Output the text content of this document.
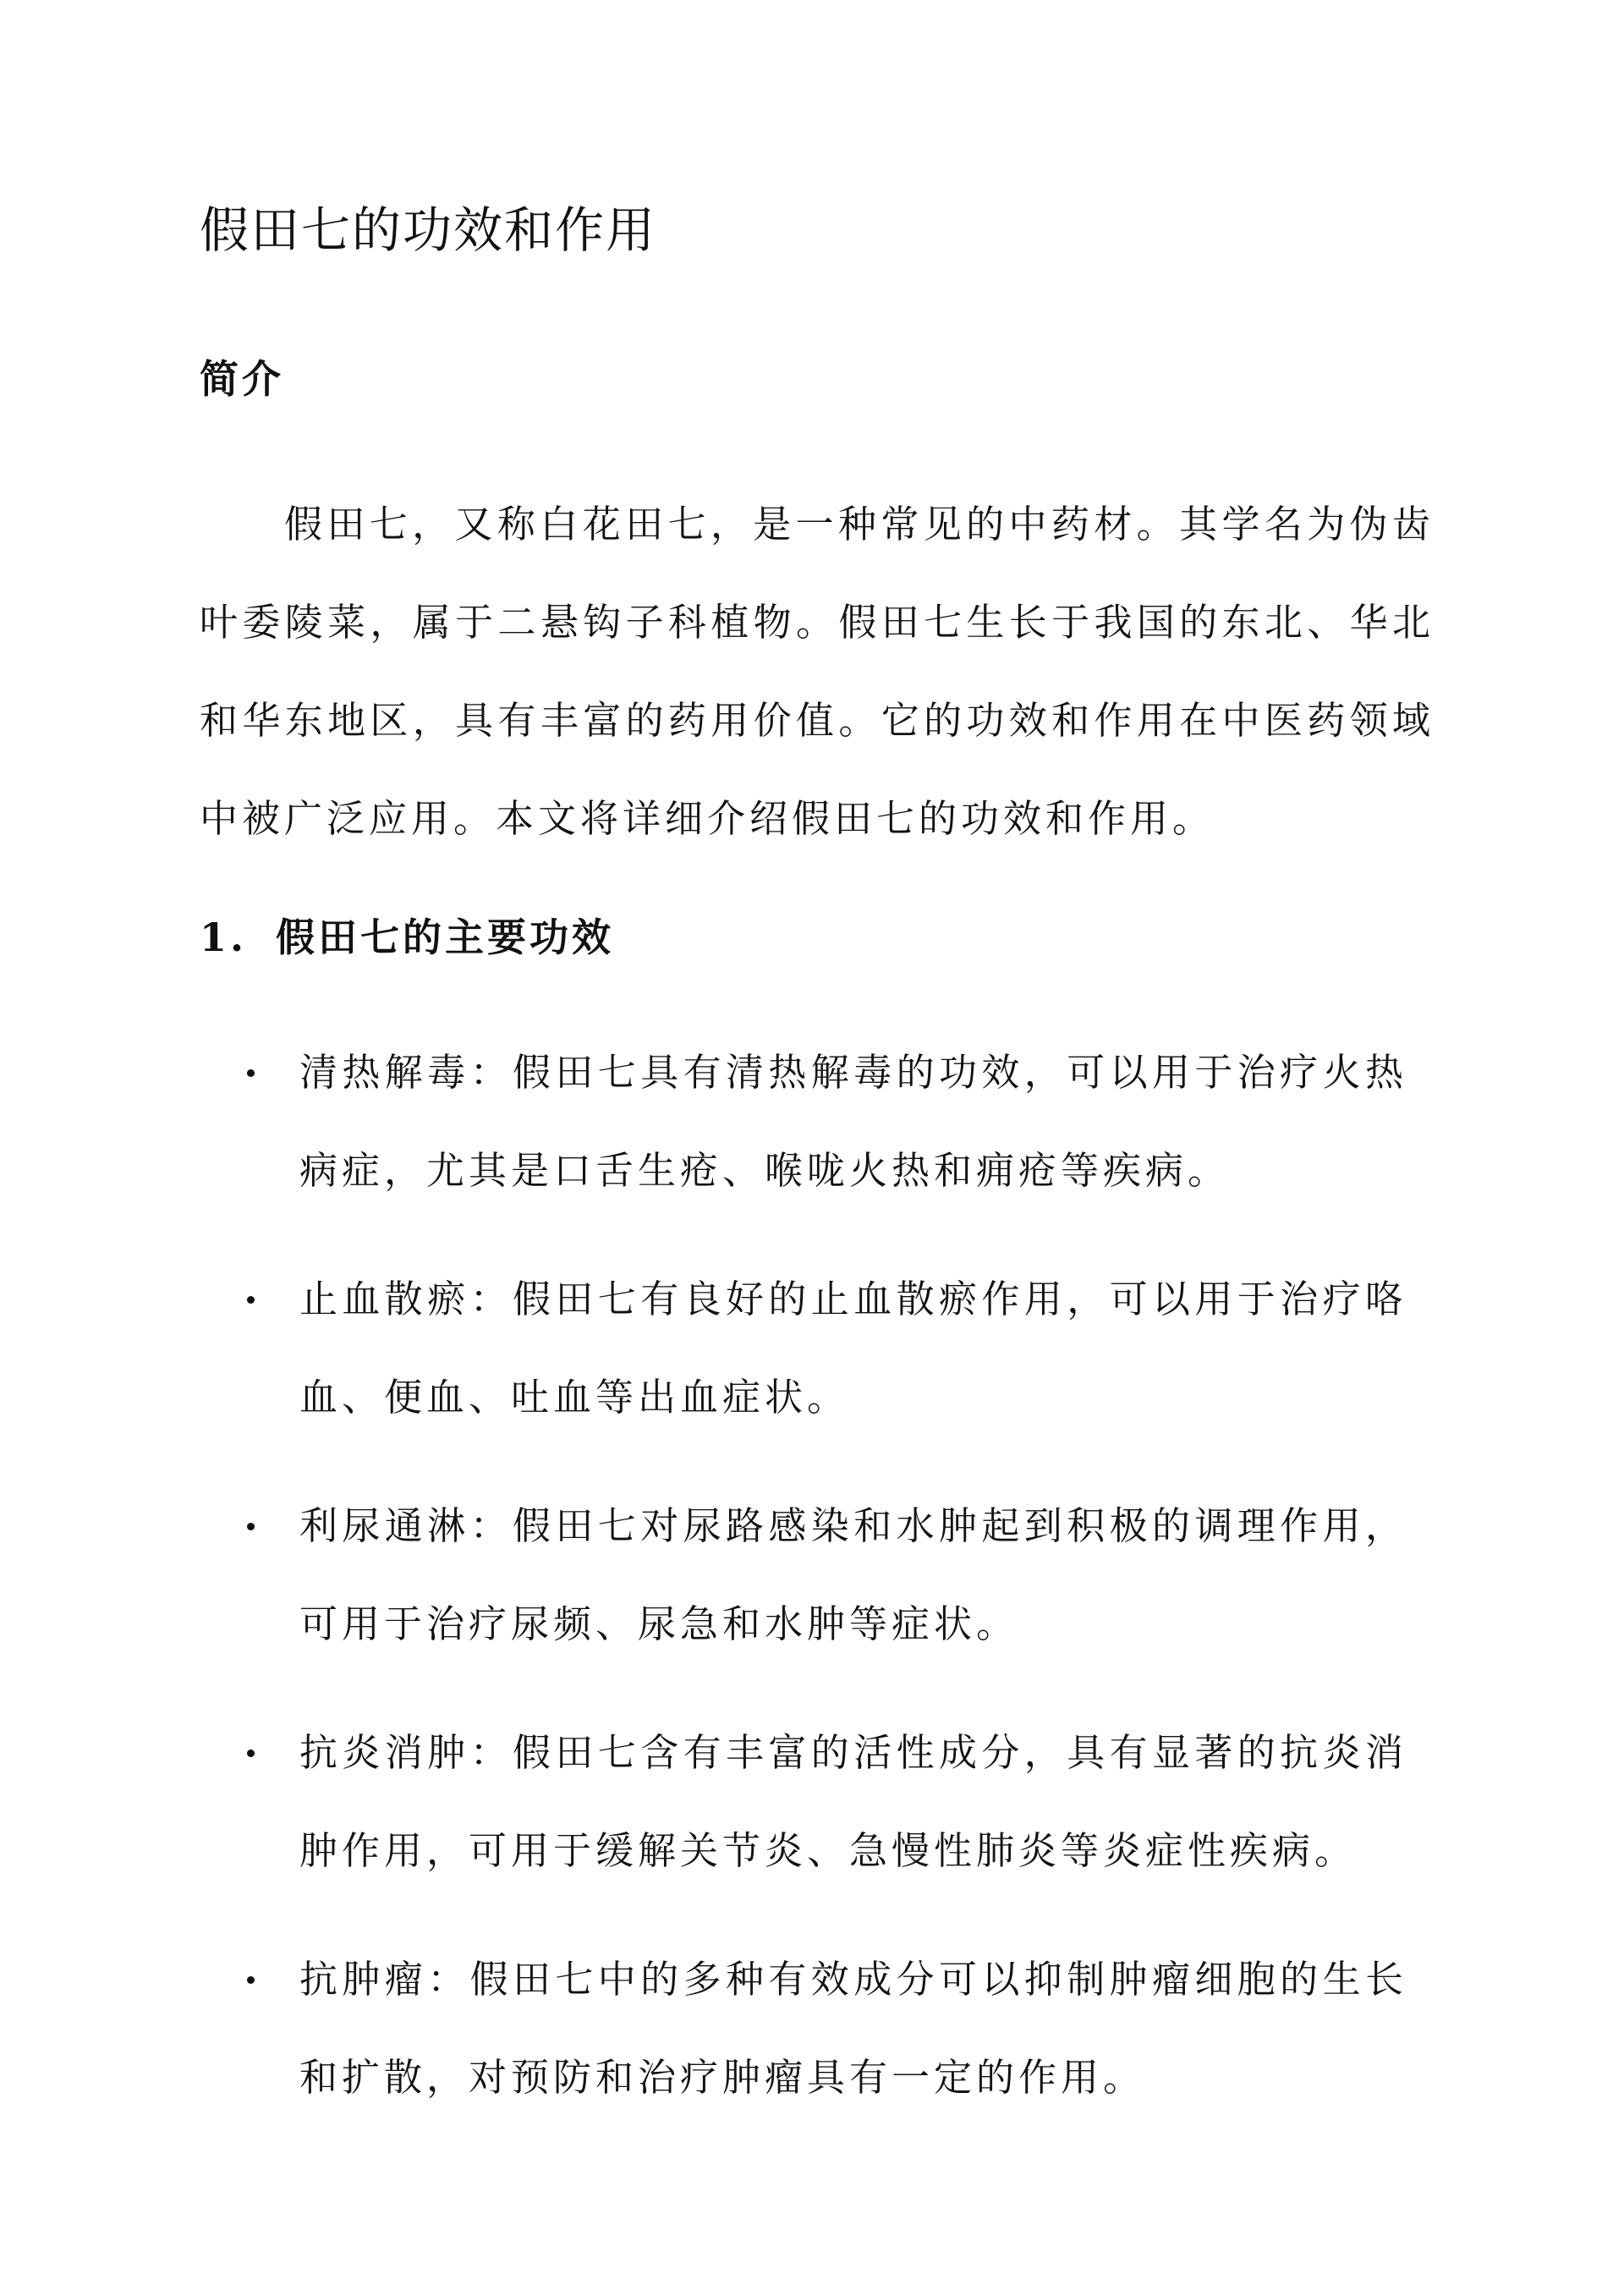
假田七的功效和作用
简介

假田七，又称白花田七，是一种常见的中药材。其学名为伪齿叶委陵菜，属于二悬钩子科植物。假田七生长于我国的东北、华北和华东地区，具有丰富的药用价值。它的功效和作用在中医药领域中被广泛应用。本文将详细介绍假田七的功效和作用。

1. 假田七的主要功效
清热解毒：假田七具有清热解毒的功效，可以用于治疗火热病症，尤其是口舌生疮、喉咙火热和痈疮等疾病。
止血散瘀：假田七有良好的止血散瘀作用，可以用于治疗咯血、便血、吐血等出血症状。
利尿通淋：假田七对尿路感染和水肿起到积极的调理作用，可用于治疗尿频、尿急和水肿等症状。
抗炎消肿：假田七含有丰富的活性成分，具有显著的抗炎消肿作用，可用于缓解关节炎、急慢性肺炎等炎症性疾病。
抗肿瘤：假田七中的多种有效成分可以抑制肿瘤细胞的生长和扩散，对预防和治疗肿瘤具有一定的作用。
